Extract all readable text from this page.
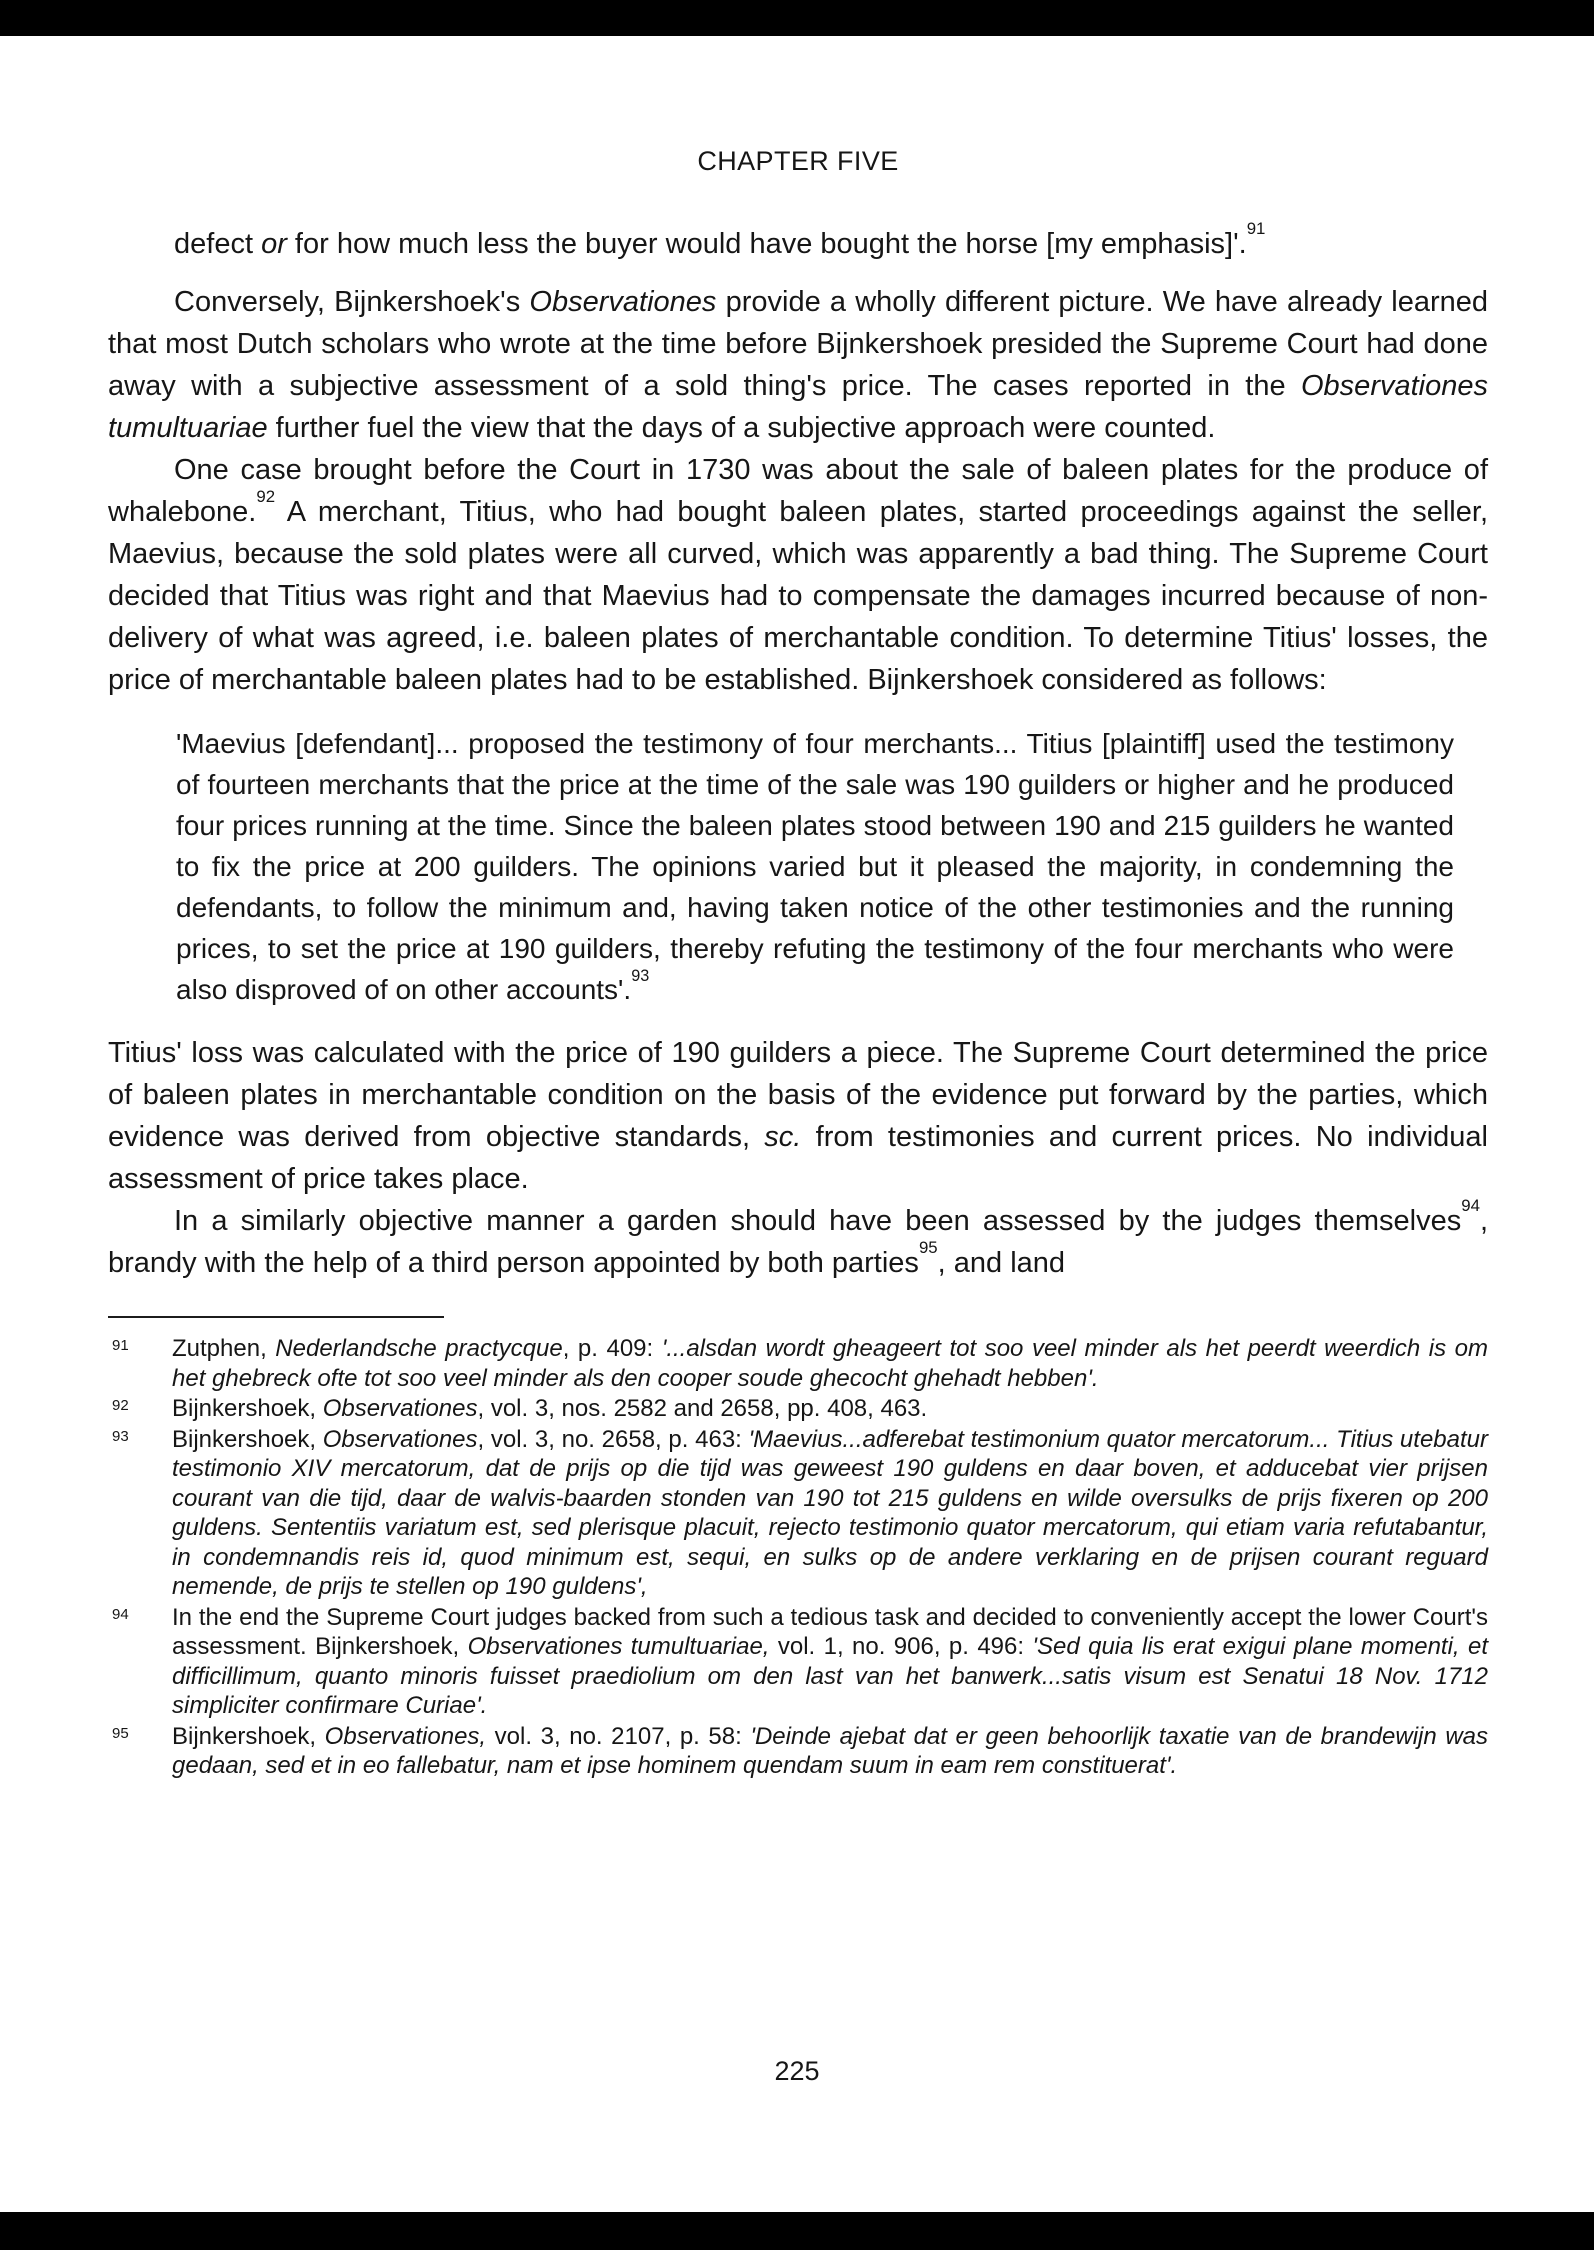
CHAPTER FIVE

defect or for how much less the buyer would have bought the horse [my emphasis]'.$^{91}$

Conversely, Bijnkershoek's Observationes provide a wholly different picture. We have already learned that most Dutch scholars who wrote at the time before Bijnkershoek presided the Supreme Court had done away with a subjective assessment of a sold thing's price. The cases reported in the Observationes tumultuariae further fuel the view that the days of a subjective approach were counted.

One case brought before the Court in 1730 was about the sale of baleen plates for the produce of whalebone.$^{92}$ A merchant, Titius, who had bought baleen plates, started proceedings against the seller, Maevius, because the sold plates were all curved, which was apparently a bad thing. The Supreme Court decided that Titius was right and that Maevius had to compensate the damages incurred because of non-delivery of what was agreed, i.e. baleen plates of merchantable condition. To determine Titius' losses, the price of merchantable baleen plates had to be established. Bijnkershoek considered as follows:

'Maevius [defendant]... proposed the testimony of four merchants... Titius [plaintiff] used the testimony of fourteen merchants that the price at the time of the sale was 190 guilders or higher and he produced four prices running at the time. Since the baleen plates stood between 190 and 215 guilders he wanted to fix the price at 200 guilders. The opinions varied but it pleased the majority, in condemning the defendants, to follow the minimum and, having taken notice of the other testimonies and the running prices, to set the price at 190 guilders, thereby refuting the testimony of the four merchants who were also disproved of on other accounts'.$^{93}$

Titius' loss was calculated with the price of 190 guilders a piece. The Supreme Court determined the price of baleen plates in merchantable condition on the basis of the evidence put forward by the parties, which evidence was derived from objective standards, sc. from testimonies and current prices. No individual assessment of price takes place.

In a similarly objective manner a garden should have been assessed by the judges themselves$^{94}$, brandy with the help of a third person appointed by both parties$^{95}$, and land

91 Zutphen, Nederlandsche practycque, p. 409: '...alsdan wordt gheageert tot soo veel minder als het peerdt weerdich is om het ghebreck ofte tot soo veel minder als den cooper soude ghecocht ghehadt hebben'.
92 Bijnkershoek, Observationes, vol. 3, nos. 2582 and 2658, pp. 408, 463.
93 Bijnkershoek, Observationes, vol. 3, no. 2658, p. 463: 'Maevius...adferebat testimonium quator mercatorum... Titius utebatur testimonio XIV mercatorum, dat de prijs op die tijd was geweest 190 guldens en daar boven, et adducebat vier prijsen courant van die tijd, daar de walvis-baarden stonden van 190 tot 215 guldens en wilde oversulks de prijs fixeren op 200 guldens. Sententiis variatum est, sed plerisque placuit, rejecto testimonio quator mercatorum, qui etiam varia refutabantur, in condemnandis reis id, quod minimum est, sequi, en sulks op de andere verklaring en de prijsen courant reguard nemende, de prijs te stellen op 190 guldens',
94 In the end the Supreme Court judges backed from such a tedious task and decided to conveniently accept the lower Court's assessment. Bijnkershoek, Observationes tumultuariae, vol. 1, no. 906, p. 496: 'Sed quia lis erat exigui plane momenti, et difficillimum, quanto minoris fuisset praediolium om den last van het banwerk...satis visum est Senatui 18 Nov. 1712 simpliciter confirmare Curiae'.
95 Bijnkershoek, Observationes, vol. 3, no. 2107, p. 58: 'Deinde ajebat dat er geen behoorlijk taxatie van de brandewijn was gedaan, sed et in eo fallebatur, nam et ipse hominem quendam suum in eam rem constituerat'.
225
